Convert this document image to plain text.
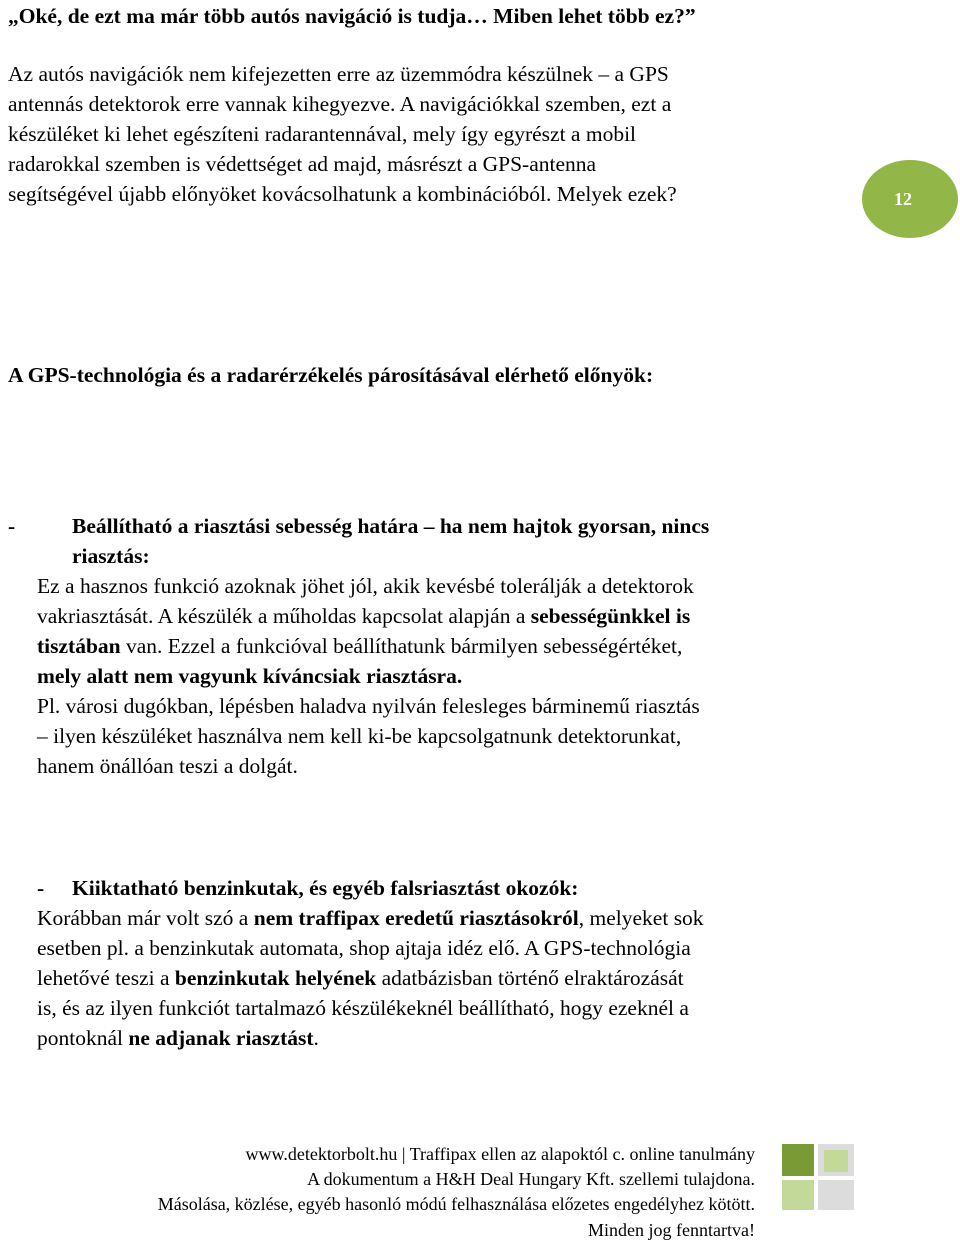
„Oké, de ezt ma már több autós navigáció is tudja… Miben lehet több ez?”
Az autós navigációk nem kifejezetten erre az üzemmódra készülnek – a GPS
antennás detektorok erre vannak kihegyezve. A navigációkkal szemben, ezt a
készüléket ki lehet egészíteni radarantennával, mely így egyrészt a mobil
radarokkal szemben is védettséget ad majd, másrészt a GPS-antenna
segítségével újabb előnyöket kovácsolhatunk a kombinációból. Melyek ezek?	12
A GPS-technológia és a radarérzékelés párosításával elérhető előnyök:
-	Beállítható a riasztási sebesség határa – ha nem hajtok gyorsan, nincs
riasztás:
Ez a hasznos funkció azoknak jöhet jól, akik kevésbé tolerálják a detektorok
vakriasztását. A készülék a műholdas kapcsolat alapján a sebességünkkel is
tisztában van. Ezzel a funkcióval beállíthatunk bármilyen sebességértéket,
mely alatt nem vagyunk kíváncsiak riasztásra.
Pl. városi dugókban, lépésben haladva nyilván felesleges bárminemű riasztás
– ilyen készüléket használva nem kell ki-be kapcsolgatnunk detektorunkat,
hanem önállóan teszi a dolgát.
- Kiiktatható benzinkutak, és egyéb falsriasztást okozók:
Korábban már volt szó a nem traffipax eredetű riasztásokról, melyeket sok
esetben pl. a benzinkutak automata, shop ajtaja idéz elő. A GPS-technológia
lehetővé teszi a benzinkutak helyének adatbázisban történő elraktározását
is, és az ilyen funkciót tartalmazó készülékeknél beállítható, hogy ezeknél a
pontoknál ne adjanak riasztást.
www.detektorbolt.hu | Traffipax ellen az alapoktól c. online tanulmány
A dokumentum a H&H Deal Hungary Kft. szellemi tulajdona.
Másolása, közlése, egyéb hasonló módú felhasználása előzetes engedélyhez kötött.
Minden jog fenntartva!
